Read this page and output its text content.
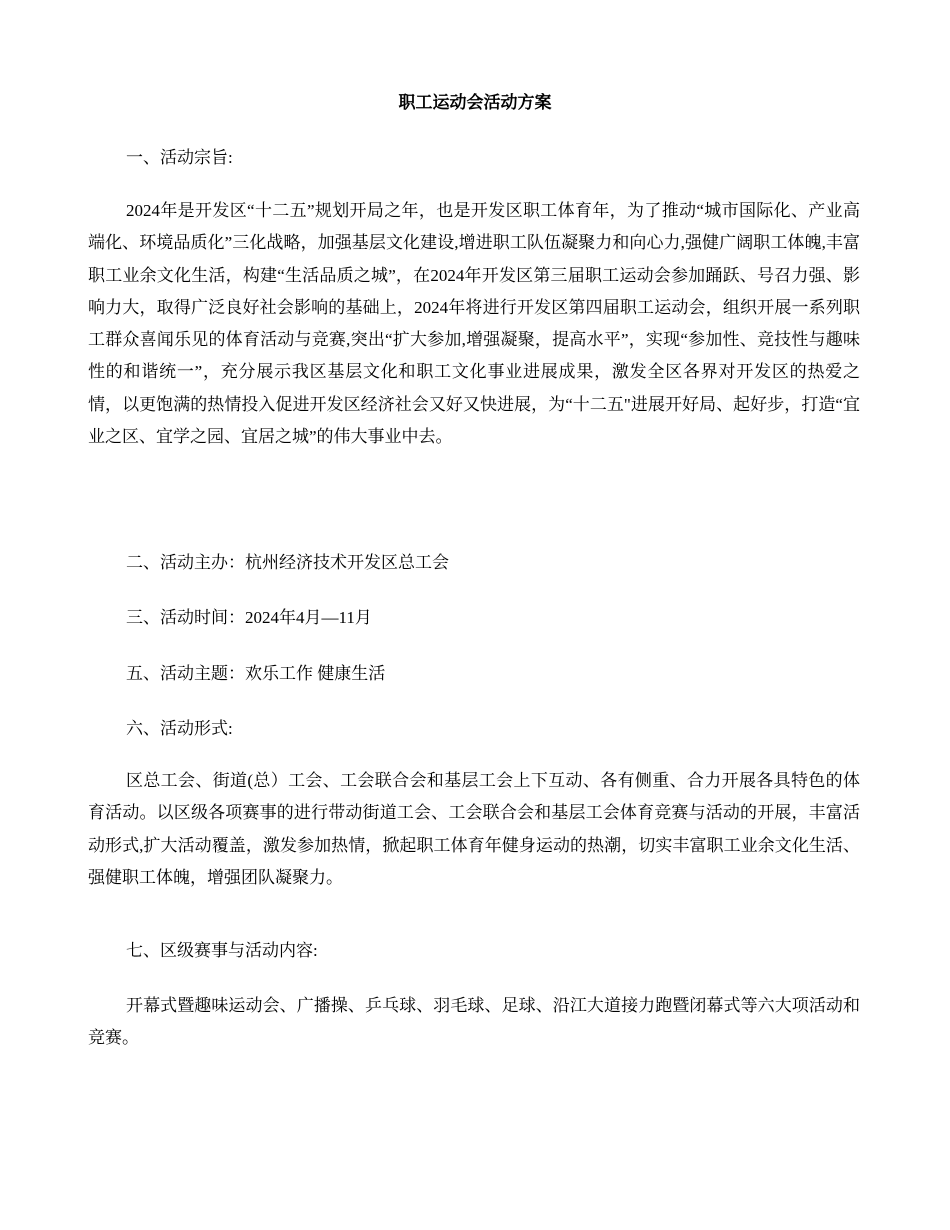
职工运动会活动方案
一、活动宗旨:
2024年是开发区“十二五”规划开局之年，也是开发区职工体育年，为了推动“城市国际化、产业高端化、环境品质化”三化战略，加强基层文化建设,增进职工队伍凝聚力和向心力,强健广阔职工体魄,丰富职工业余文化生活，构建“生活品质之城”，在2024年开发区第三届职工运动会参加踊跃、号召力强、影响力大，取得广泛良好社会影响的基础上，2024年将进行开发区第四届职工运动会，组织开展一系列职工群众喜闻乐见的体育活动与竞赛,突出“扩大参加,增强凝聚，提高水平”，实现“参加性、竞技性与趣味性的和谐统一”，充分展示我区基层文化和职工文化事业进展成果，激发全区各界对开发区的热爱之情，以更饱满的热情投入促进开发区经济社会又好又快进展，为“十二五"进展开好局、起好步，打造“宜业之区、宜学之园、宜居之城”的伟大事业中去。
二、活动主办：杭州经济技术开发区总工会
三、活动时间：2024年4月—11月
五、活动主题：欢乐工作 健康生活
六、活动形式:
区总工会、街道(总）工会、工会联合会和基层工会上下互动、各有侧重、合力开展各具特色的体育活动。以区级各项赛事的进行带动街道工会、工会联合会和基层工会体育竞赛与活动的开展，丰富活动形式,扩大活动覆盖，激发参加热情，掀起职工体育年健身运动的热潮，切实丰富职工业余文化生活、强健职工体魄，增强团队凝聚力。
七、区级赛事与活动内容:
开幕式暨趣味运动会、广播操、乒乓球、羽毛球、足球、沿江大道接力跑暨闭幕式等六大项活动和竞赛。
